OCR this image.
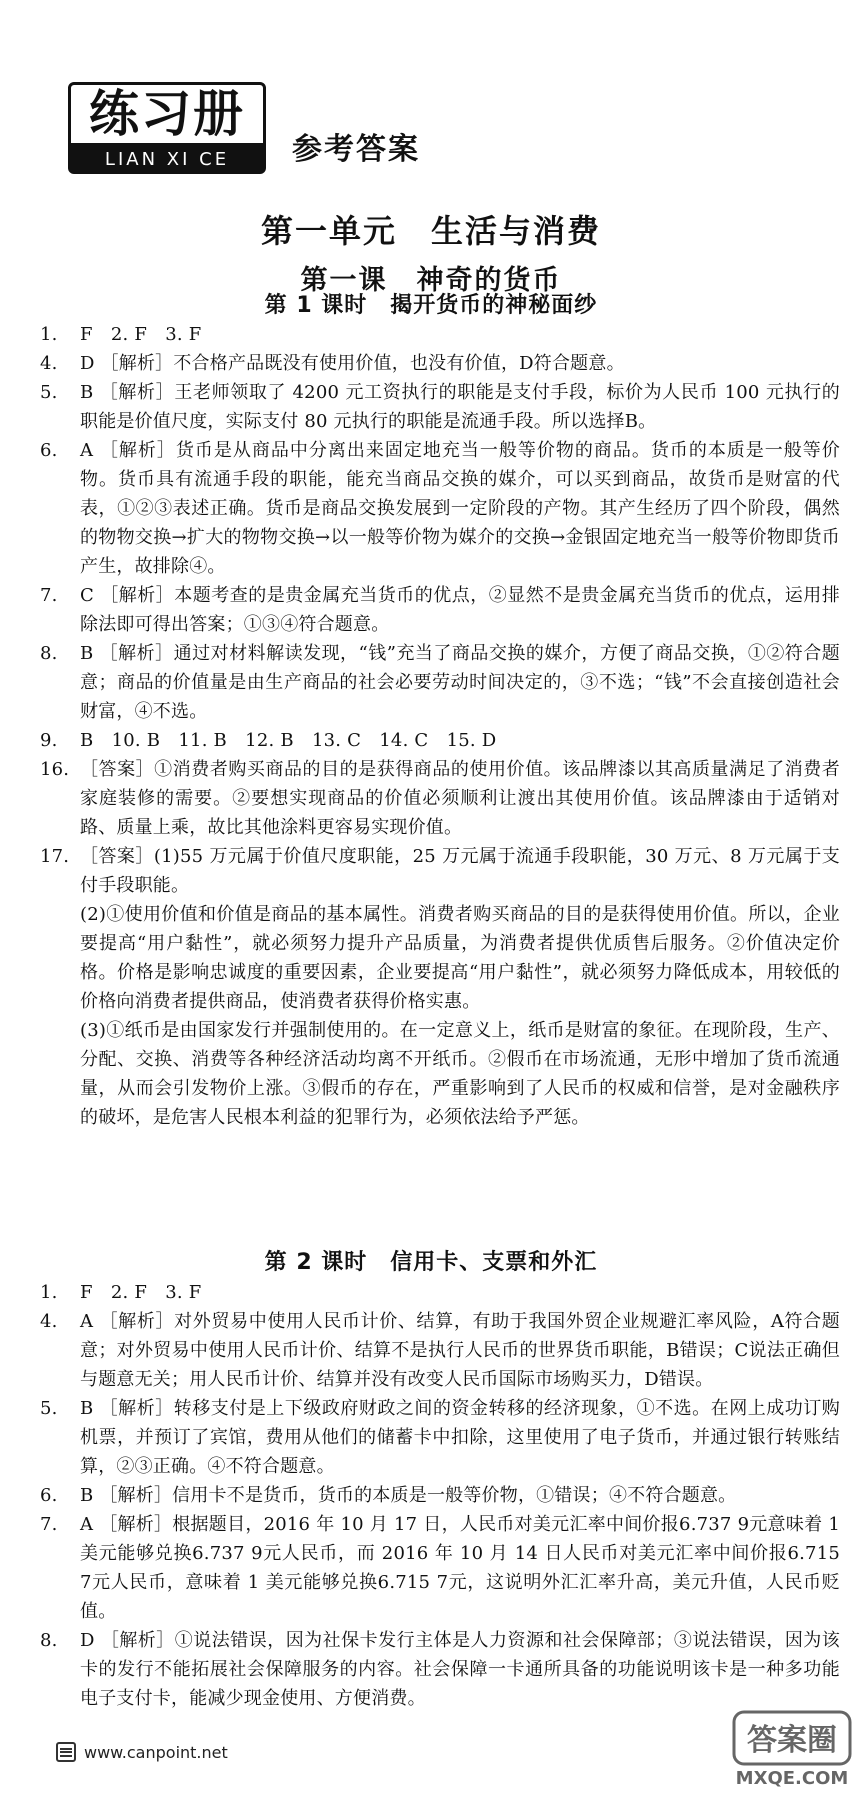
练习册
LIAN XI CE	参考答案
第一单元　生活与消费
第一课　神奇的货币
第 1 课时　揭开货币的神秘面纱
1.	F　2. F　3. F
4.	D ［解析］不合格产品既没有使用价值，也没有价值，D符合题意。
5.	B ［解析］王老师领取了 4200 元工资执行的职能是支付手段，标价为人民币 100 元执行的职能是价值尺度，实际支付 80 元执行的职能是流通手段。所以选择B。
6.	A ［解析］货币是从商品中分离出来固定地充当一般等价物的商品。货币的本质是一般等价物。货币具有流通手段的职能，能充当商品交换的媒介，可以买到商品，故货币是财富的代表，①②③表述正确。货币是商品交换发展到一定阶段的产物。其产生经历了四个阶段，偶然的物物交换→扩大的物物交换→以一般等价物为媒介的交换→金银固定地充当一般等价物即货币产生，故排除④。
7.	C ［解析］本题考查的是贵金属充当货币的优点，②显然不是贵金属充当货币的优点，运用排除法即可得出答案；①③④符合题意。
8.	B ［解析］通过对材料解读发现，“钱”充当了商品交换的媒介，方便了商品交换，①②符合题意；商品的价值量是由生产商品的社会必要劳动时间决定的，③不选；“钱”不会直接创造社会财富，④不选。
9.	B　10. B　11. B　12. B　13. C　14. C　15. D
16. ［答案］①消费者购买商品的目的是获得商品的使用价值。该品牌漆以其高质量满足了消费者家庭装修的需要。②要想实现商品的价值必须顺利让渡出其使用价值。该品牌漆由于适销对路、质量上乘，故比其他涂料更容易实现价值。
17. ［答案］(1)55 万元属于价值尺度职能，25 万元属于流通手段职能，30 万元、8 万元属于支付手段职能。
(2)①使用价值和价值是商品的基本属性。消费者购买商品的目的是获得使用价值。所以，企业要提高“用户黏性”，就必须努力提升产品质量，为消费者提供优质售后服务。②价值决定价格。价格是影响忠诚度的重要因素，企业要提高“用户黏性”，就必须努力降低成本，用较低的价格向消费者提供商品，使消费者获得价格实惠。
(3)①纸币是由国家发行并强制使用的。在一定意义上，纸币是财富的象征。在现阶段，生产、分配、交换、消费等各种经济活动均离不开纸币。②假币在市场流通，无形中增加了货币流通量，从而会引发物价上涨。③假币的存在，严重影响到了人民币的权威和信誉，是对金融秩序的破坏，是危害人民根本利益的犯罪行为，必须依法给予严惩。
第 2 课时　信用卡、支票和外汇
1.	F　2. F　3. F
4.	A ［解析］对外贸易中使用人民币计价、结算，有助于我国外贸企业规避汇率风险，A符合题意；对外贸易中使用人民币计价、结算不是执行人民币的世界货币职能，B错误；C说法正确但与题意无关；用人民币计价、结算并没有改变人民币国际市场购买力，D错误。
5.	B ［解析］转移支付是上下级政府财政之间的资金转移的经济现象，①不选。在网上成功订购机票，并预订了宾馆，费用从他们的储蓄卡中扣除，这里使用了电子货币，并通过银行转账结算，②③正确。④不符合题意。
6.	B ［解析］信用卡不是货币，货币的本质是一般等价物，①错误；④不符合题意。
7.	A ［解析］根据题目，2016 年 10 月 17 日，人民币对美元汇率中间价报6.737 9元意味着 1 美元能够兑换6.737 9元人民币，而 2016 年 10 月 14 日人民币对美元汇率中间价报6.715 7元人民币，意味着 1 美元能够兑换6.715 7元，这说明外汇汇率升高，美元升值，人民币贬值。
8.	D ［解析］①说法错误，因为社保卡发行主体是人力资源和社会保障部；③说法错误，因为该卡的发行不能拓展社会保障服务的内容。社会保障一卡通所具备的功能说明该卡是一种多功能电子支付卡，能减少现金使用、方便消费。
www.canpoint.net	答案圈
MXQE.COM
